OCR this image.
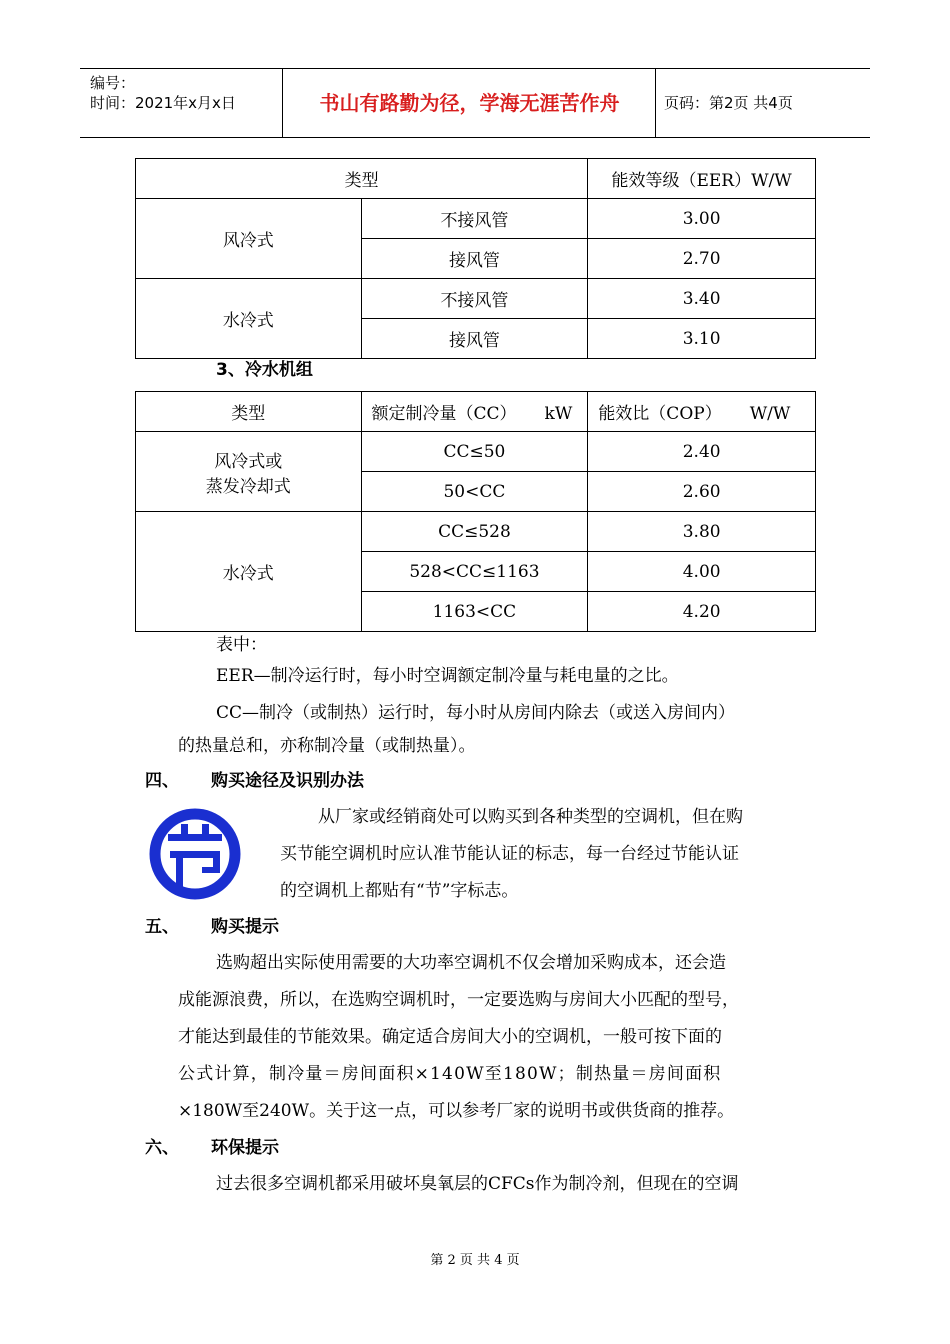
编号：
时间：2021年x月x日	书山有路勤为径，学海无涯苦作舟	页码：第2页 共4页
类型		能效等级（EER）W/W
风冷式	不接风管	3.00
	接风管	2.70
水冷式	不接风管	3.40
	接风管	3.10
3、冷水机组
类型	额定制冷量（CC） kW	能效比（COP） W/W

风冷式或
蒸发冷却式	CC≤50	2.40
	50<CC	2.60
水冷式	CC≤528	3.80
	528<CC≤1163	4.00
	1163<CC	4.20
表中：
EER—制冷运行时，每小时空调额定制冷量与耗电量的之比。
CC—制冷（或制热）运行时，每小时从房间内除去（或送入房间内）
的热量总和，亦称制冷量（或制热量）。
四、 购买途径及识别办法
节
从厂家或经销商处可以购买到各种类型的空调机，但在购
买节能空调机时应认准节能认证的标志，每一台经过节能认证
的空调机上都贴有“节”字标志。
五、 购买提示
选购超出实际使用需要的大功率空调机不仅会增加采购成本，还会造
成能源浪费，所以，在选购空调机时，一定要选购与房间大小匹配的型号，
才能达到最佳的节能效果。确定适合房间大小的空调机，一般可按下面的
公式计算，制冷量＝房间面积×140W至180W；制热量＝房间面积
×180W至240W。关于这一点，可以参考厂家的说明书或供货商的推荐。
六、 环保提示
过去很多空调机都采用破坏臭氧层的CFCs作为制冷剂，但现在的空调
第 2 页 共 4 页
